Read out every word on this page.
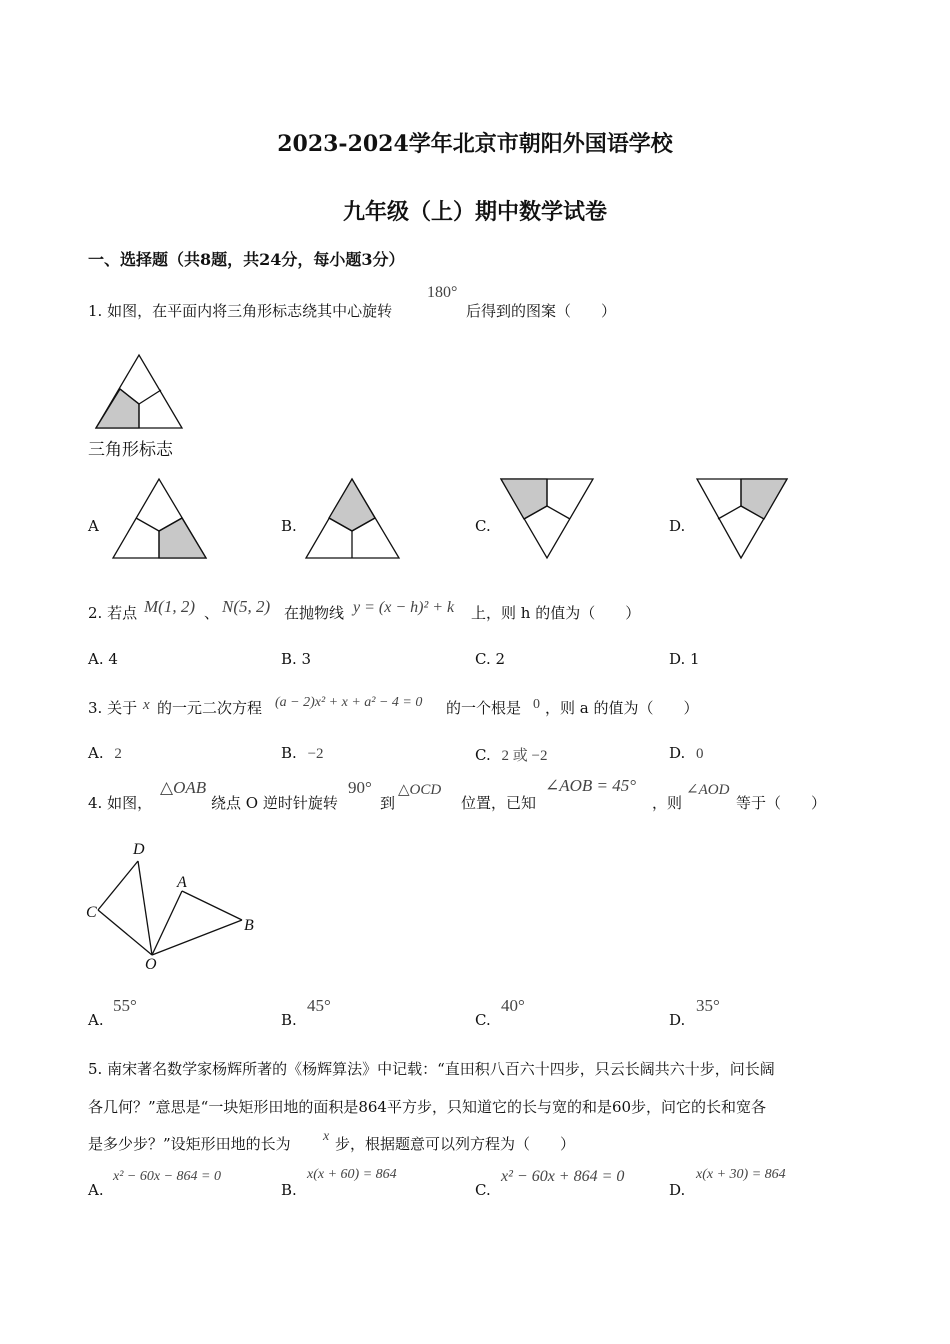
2023-2024学年北京市朝阳外国语学校
九年级（上）期中数学试卷
一、选择题（共8题，共24分，每小题3分）
1. 如图，在平面内将三角形标志绕其中心旋转
180°
后得到的图案（　　）
三角形标志
A	B.	C.	D.
2. 若点 M(1, 2) 、 N(5, 2) 在抛物线 y = (x − h)² + k 上，则 h 的值为（　　）
A. 4	B. 3	C. 2	D. 1
3. 关于 x 的一元二次方程 (a − 2)x² + x + a² − 4 = 0 的一个根是 0 ，则 a 的值为（　　）
A. 2	B. −2	C. 2 或 −2	D. 0
4. 如图，
△OAB
绕点 O 逆时针旋转
90°
到
△OCD
位置，已知
∠AOB = 45°
，则
∠AOD
等于（　　）
D
A
C
B
O
A.
55°
B.
45°
C.
40°
D.
35°
5. 南宋著名数学家杨辉所著的《杨辉算法》中记载：“直田积八百六十四步，只云长阔共六十步，问长阔
各几何？”意思是“一块矩形田地的面积是864平方步，只知道它的长与宽的和是60步，问它的长和宽各
是多少步？”设矩形田地的长为 x 步，根据题意可以列方程为（　　）
A.
x² − 60x − 864 = 0
B.
x(x + 60) = 864
C.
x² − 60x + 864 = 0
D.
x(x + 30) = 864
